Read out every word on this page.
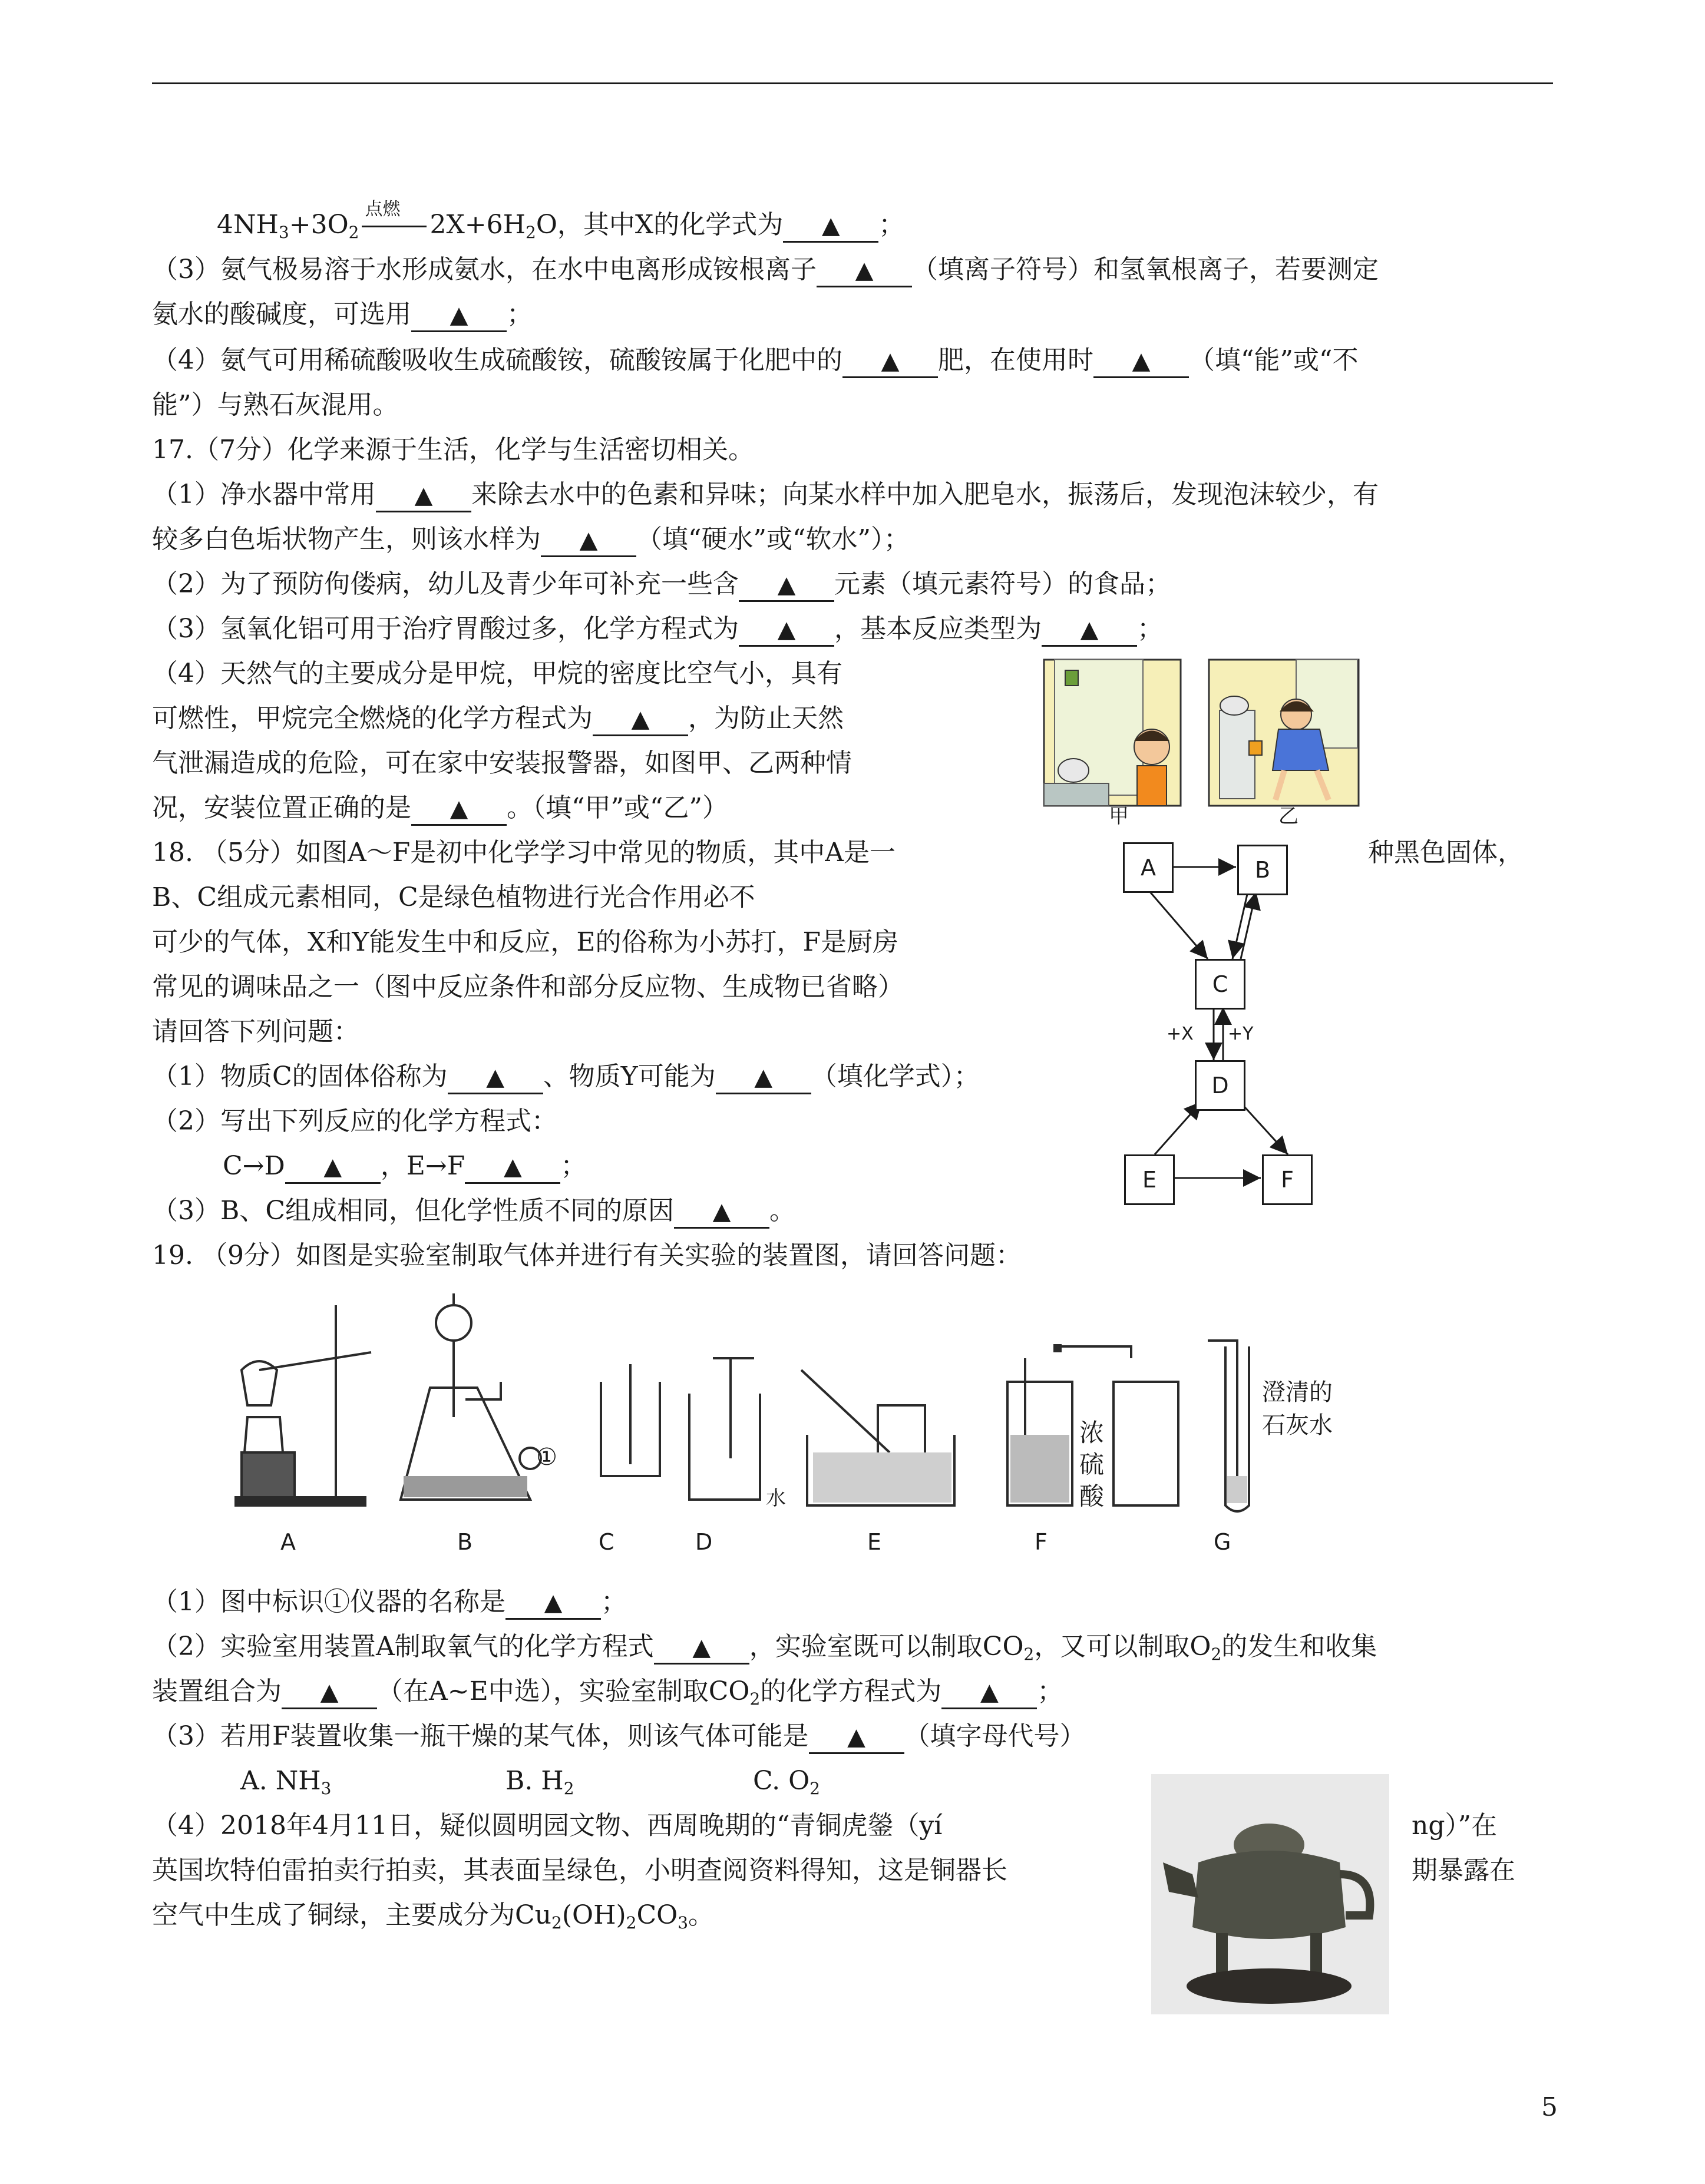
$4NH_3+3O_2$
点燃
$2X+6H_2O$，其中X的化学式为 ▲ ；
（3）氨气极易溶于水形成氨水，在水中电离形成铵根离子 ▲ （填离子符号）和氢氧根离子，若要测定
氨水的酸碱度，可选用 ▲ ；
（4）氨气可用稀硫酸吸收生成硫酸铵，硫酸铵属于化肥中的 ▲ 肥，在使用时 ▲ （填“能”或“不
能”）与熟石灰混用。
17.（7分）化学来源于生活，化学与生活密切相关。
（1）净水器中常用 ▲ 来除去水中的色素和异味；向某水样中加入肥皂水，振荡后，发现泡沫较少，有
较多白色垢状物产生，则该水样为 ▲ （填“硬水”或“软水”）；
（2）为了预防佝偻病，幼儿及青少年可补充一些含 ▲ 元素（填元素符号）的食品；
（3）氢氧化铝可用于治疗胃酸过多，化学方程式为 ▲ ，基本反应类型为 ▲ ；
（4）天然气的主要成分是甲烷，甲烷的密度比空气小，具有
可燃性，甲烷完全燃烧的化学方程式为 ▲ ，为防止天然
气泄漏造成的危险，可在家中安装报警器，如图甲、乙两种情
况，安装位置正确的是 ▲ 。（填“甲”或“乙”）	甲	乙
18. （5分）如图A～F是初中化学学习中常见的物质，其中A是一	种黑色固体，
B、C组成元素相同，C是绿色植物进行光合作用必不
可少的气体，X和Y能发生中和反应，E的俗称为小苏打，F是厨房
常见的调味品之一（图中反应条件和部分反应物、生成物已省略）
请回答下列问题：
（1）物质C的固体俗称为 ▲ 、物质Y可能为 ▲ （填化学式）；
（2）写出下列反应的化学方程式：
C→D ▲ ，E→F ▲ ；
（3）B、C组成相同，但化学性质不同的原因 ▲ 。
A	B
C
D
E	F
+X +Y
19. （9分）如图是实验室制取气体并进行有关实验的装置图，请回答问题：
①
水
浓
硫
酸
澄清的
石灰水
A	B	C	D	E	F	G
（1）图中标识①仪器的名称是 ▲ ；
（2）实验室用装置A制取氧气的化学方程式 ▲ ，实验室既可以制取$CO_2$，又可以制取$O_2$的发生和收集
装置组合为 ▲ （在A~E中选），实验室制取$CO_2$的化学方程式为 ▲ ；
（3）若用F装置收集一瓶干燥的某气体，则该气体可能是 ▲ （填字母代号）
A. $NH_3$	B. $H_2$	C. $O_2$
（4）2018年4月11日，疑似圆明园文物、西周晚期的“青铜虎鎣（yí	ng）”在
英国坎特伯雷拍卖行拍卖，其表面呈绿色，小明查阅资料得知，这是铜器长	期暴露在
空气中生成了铜绿，主要成分为$Cu_2(OH)_2CO_3$。
5
